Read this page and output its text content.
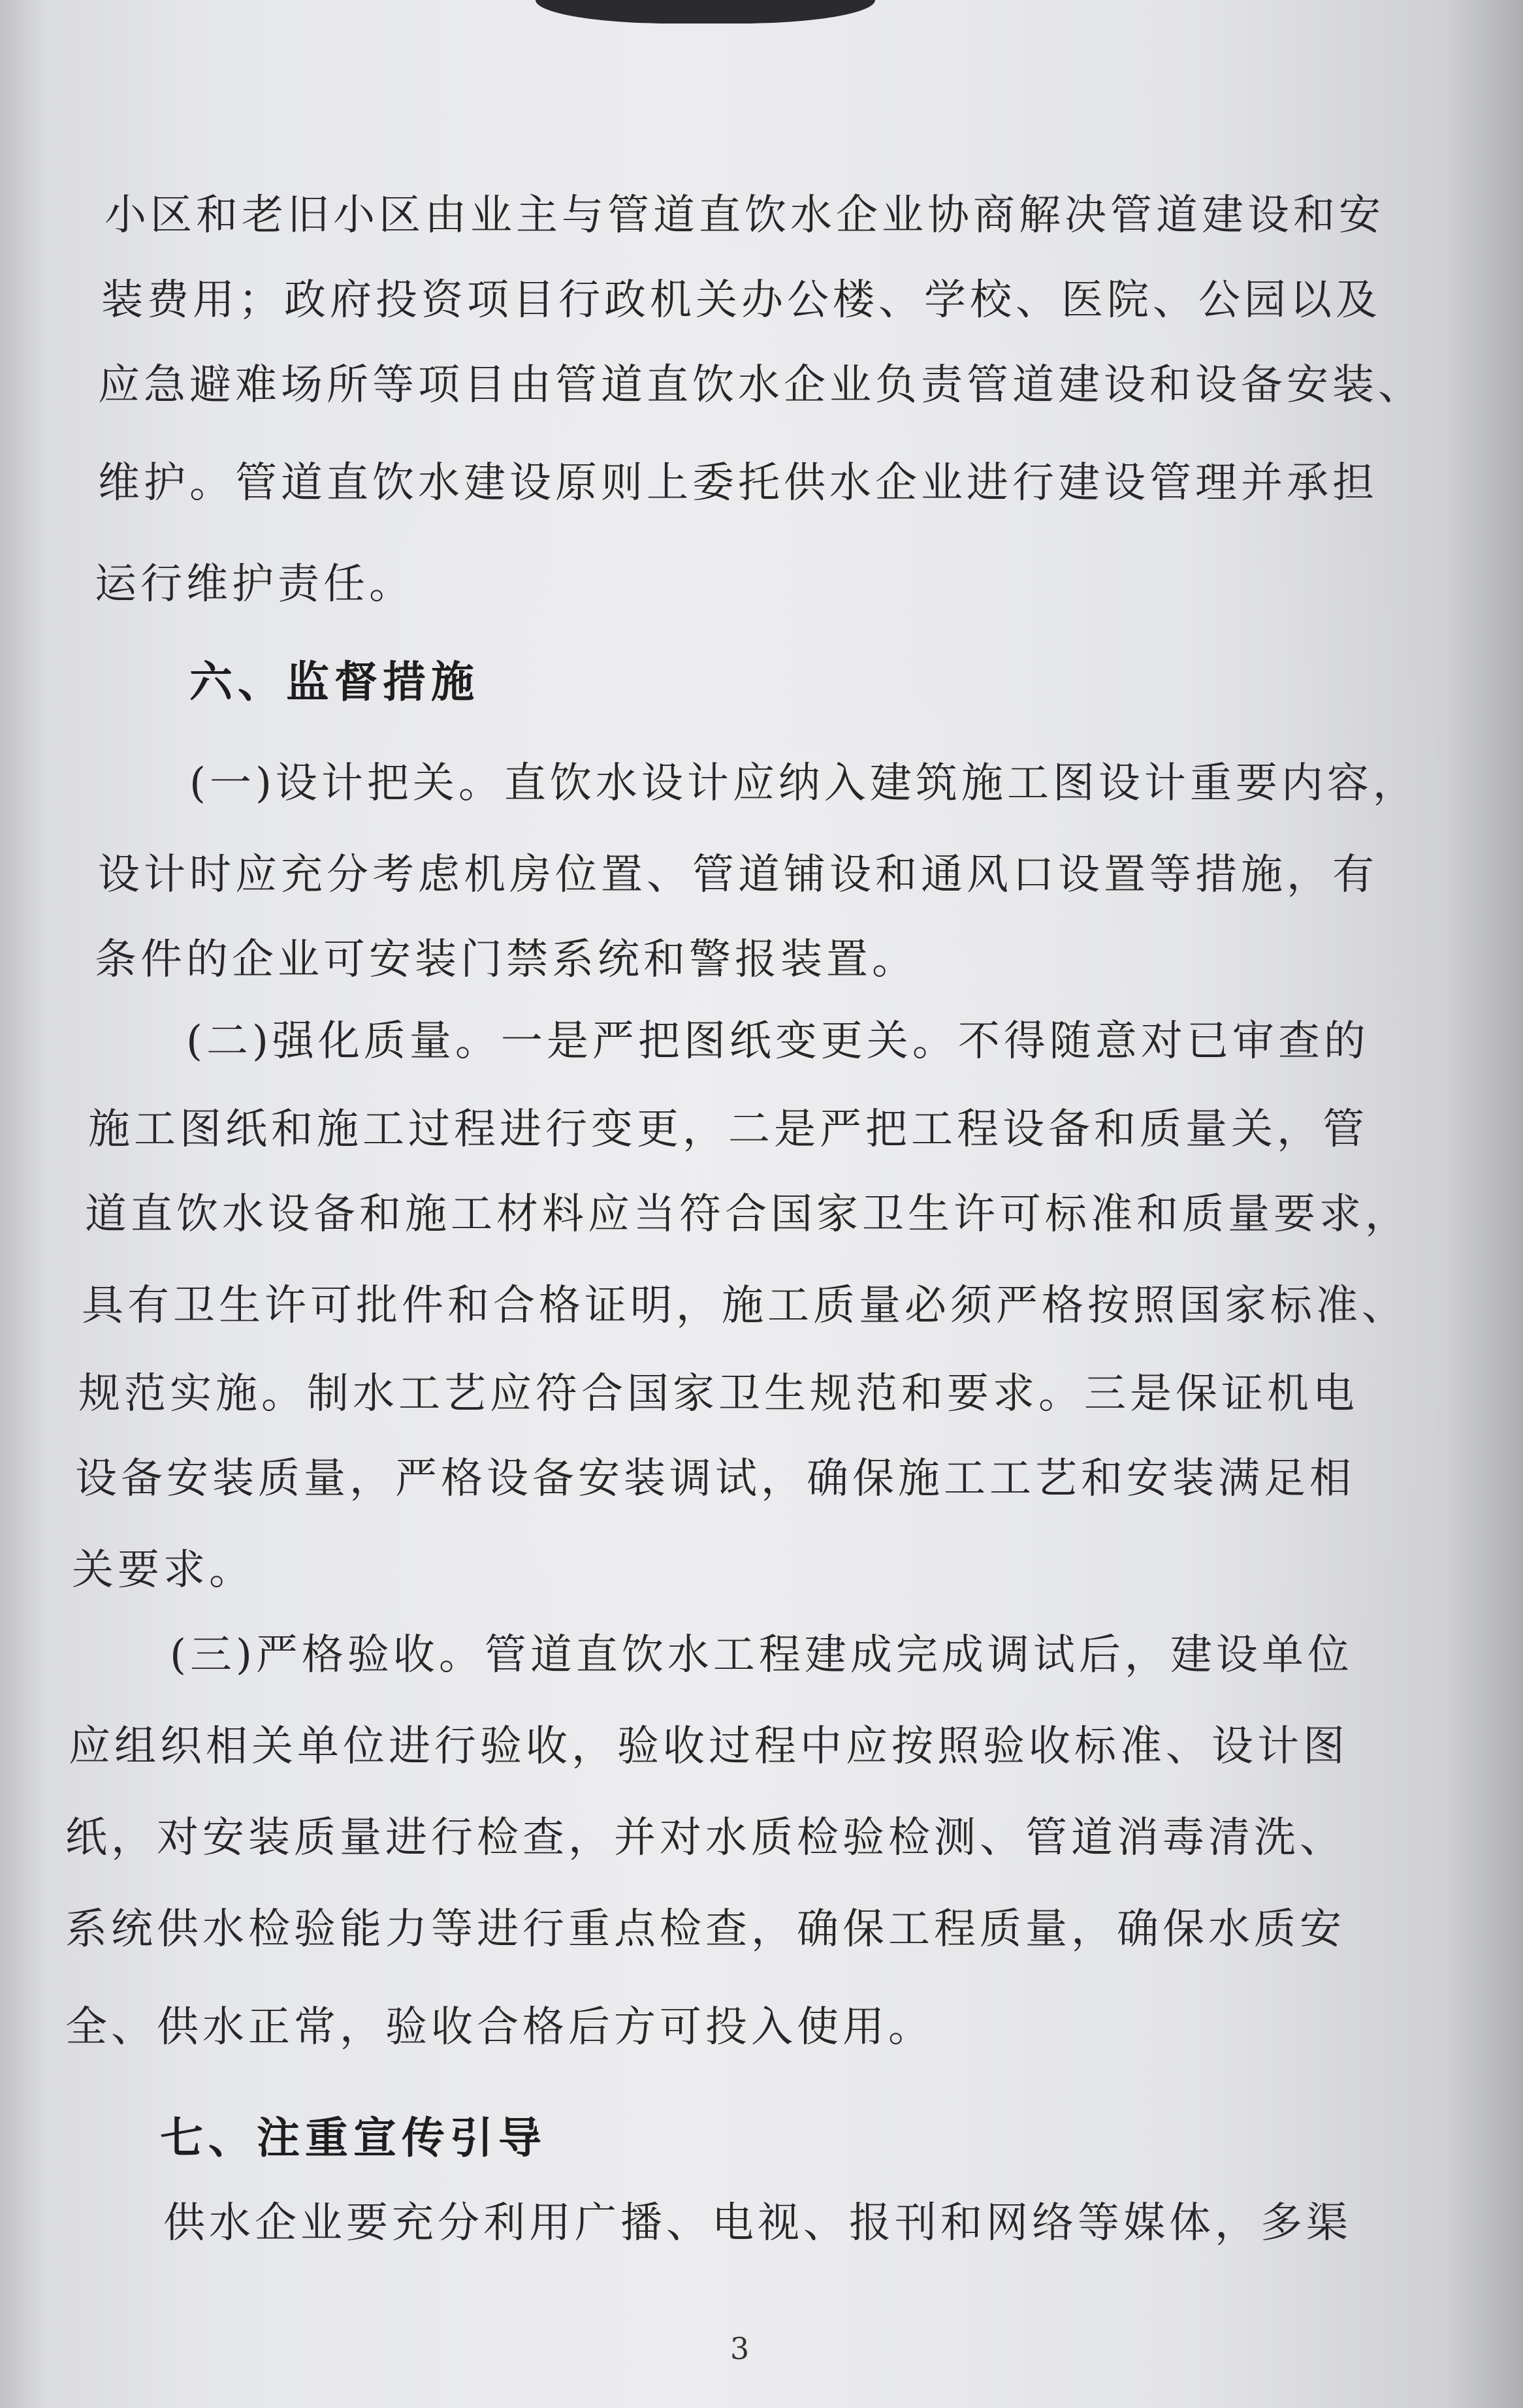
小区和老旧小区由业主与管道直饮水企业协商解决管道建设和安

装费用；政府投资项目行政机关办公楼、学校、医院、公园以及

应急避难场所等项目由管道直饮水企业负责管道建设和设备安装、

维护。管道直饮水建设原则上委托供水企业进行建设管理并承担

运行维护责任。

六、监督措施

(一)设计把关。直饮水设计应纳入建筑施工图设计重要内容，

设计时应充分考虑机房位置、管道铺设和通风口设置等措施，有

条件的企业可安装门禁系统和警报装置。

(二)强化质量。一是严把图纸变更关。不得随意对已审查的

施工图纸和施工过程进行变更，二是严把工程设备和质量关，管

道直饮水设备和施工材料应当符合国家卫生许可标准和质量要求，

具有卫生许可批件和合格证明，施工质量必须严格按照国家标准、

规范实施。制水工艺应符合国家卫生规范和要求。三是保证机电

设备安装质量，严格设备安装调试，确保施工工艺和安装满足相

关要求。

(三)严格验收。管道直饮水工程建成完成调试后，建设单位

应组织相关单位进行验收，验收过程中应按照验收标准、设计图

纸，对安装质量进行检查，并对水质检验检测、管道消毒清洗、

系统供水检验能力等进行重点检查，确保工程质量，确保水质安

全、供水正常，验收合格后方可投入使用。

七、注重宣传引导

供水企业要充分利用广播、电视、报刊和网络等媒体，多渠

3
